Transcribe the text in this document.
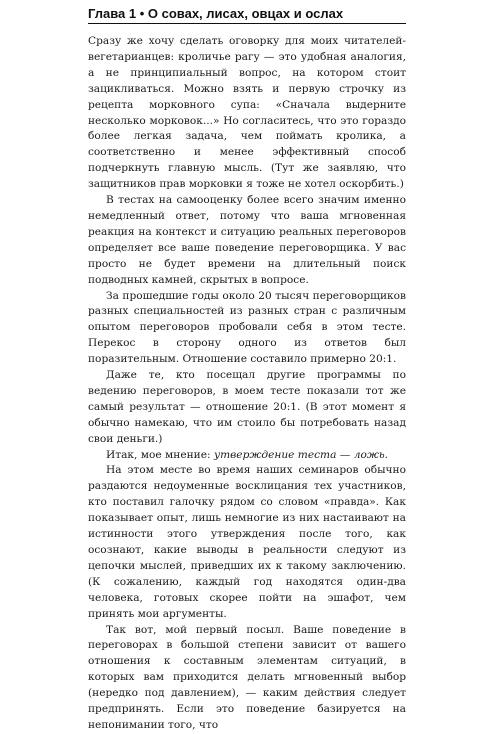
Глава 1 • О совах, лисах, овцах и ослах

Сразу же хочу сделать оговорку для моих читателей-вегетарианцев: кроличье рагу — это удобная аналогия, а не принципиальный вопрос, на котором стоит зацикливаться. Можно взять и первую строчку из рецепта морковного супа: «Сначала выдерните несколько морковок...» Но согласитесь, что это гораздо более легкая задача, чем поймать кролика, а соответственно и менее эффективный способ подчеркнуть главную мысль. (Тут же заявляю, что защитников прав морковки я тоже не хотел оскорбить.)

В тестах на самооценку более всего значим именно немедленный ответ, потому что ваша мгновенная реакция на контекст и ситуацию реальных переговоров определяет все ваше поведение переговорщика. У вас просто не будет времени на длительный поиск подводных камней, скрытых в вопросе.

За прошедшие годы около 20 тысяч переговорщиков разных специальностей из разных стран с различным опытом переговоров пробовали себя в этом тесте. Перекос в сторону одного из ответов был поразительным. Отношение составило примерно 20:1.

Даже те, кто посещал другие программы по ведению переговоров, в моем тесте показали тот же самый результат — отношение 20:1. (В этот момент я обычно намекаю, что им стоило бы потребовать назад свои деньги.)

Итак, мое мнение: утверждение теста — ложь.

На этом месте во время наших семинаров обычно раздаются недоуменные восклицания тех участников, кто поставил галочку рядом со словом «правда». Как показывает опыт, лишь немногие из них настаивают на истинности этого утверждения после того, как осознают, какие выводы в реальности следуют из цепочки мыслей, приведших их к такому заключению. (К сожалению, каждый год находятся один-два человека, готовых скорее пойти на эшафот, чем принять мои аргументы.

Так вот, мой первый посыл. Ваше поведение в переговорах в большой степени зависит от вашего отношения к составным элементам ситуаций, в которых вам приходится делать мгновенный выбор (нередко под давлением), — каким действия следует предпринять. Если это поведение базируется на непонимании того, что
